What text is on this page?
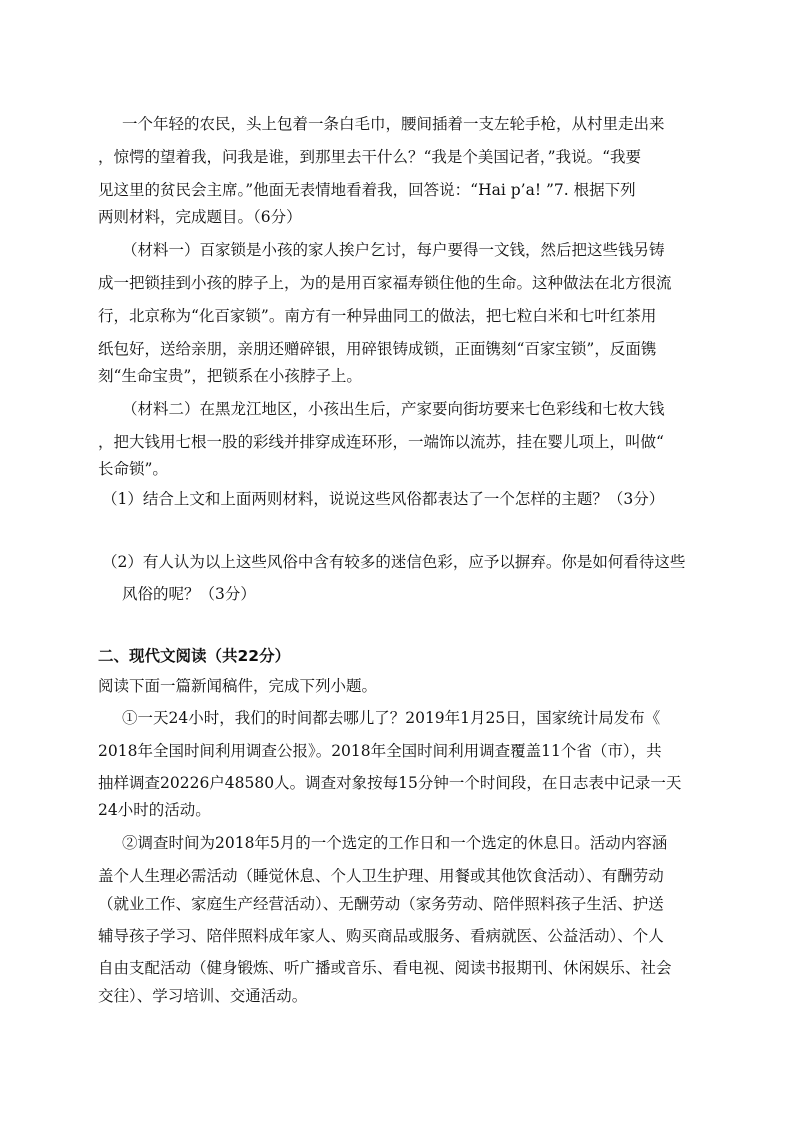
一个年轻的农民，头上包着一条白毛巾，腰间插着一支左轮手枪，从村里走出来
，惊愕的望着我，问我是谁，到那里去干什么？“我是个美国记者，”我说。“我要
见这里的贫民会主席。”他面无表情地看着我，回答说：“Hai p’a! ”7. 根据下列
两则材料，完成题目。（6分）
（材料一）百家锁是小孩的家人挨户乞讨，每户要得一文钱，然后把这些钱另铸
成一把锁挂到小孩的脖子上，为的是用百家福寿锁住他的生命。这种做法在北方很流
行，北京称为“化百家锁”。南方有一种异曲同工的做法，把七粒白米和七叶红茶用
纸包好，送给亲朋，亲朋还赠碎银，用碎银铸成锁，正面镌刻“百家宝锁”，反面镌
刻“生命宝贵”，把锁系在小孩脖子上。
（材料二）在黑龙江地区，小孩出生后，产家要向街坊要来七色彩线和七枚大钱
，把大钱用七根一股的彩线并排穿成连环形，一端饰以流苏，挂在婴儿项上，叫做“
长命锁”。
（1）结合上文和上面两则材料，说说这些风俗都表达了一个怎样的主题？（3分）
（2）有人认为以上这些风俗中含有较多的迷信色彩，应予以摒弃。你是如何看待这些
风俗的呢？（3分）
二、现代文阅读（共22分）
阅读下面一篇新闻稿件，完成下列小题。
①一天24小时，我们的时间都去哪儿了？2019年1月25日，国家统计局发布《
2018年全国时间利用调查公报》。2018年全国时间利用调查覆盖11个省（市），共
抽样调查20226户48580人。调查对象按每15分钟一个时间段，在日志表中记录一天
24小时的活动。
②调查时间为2018年5月的一个选定的工作日和一个选定的休息日。活动内容涵
盖个人生理必需活动（睡觉休息、个人卫生护理、用餐或其他饮食活动）、有酬劳动
（就业工作、家庭生产经营活动）、无酬劳动（家务劳动、陪伴照料孩子生活、护送
辅导孩子学习、陪伴照料成年家人、购买商品或服务、看病就医、公益活动）、个人
自由支配活动（健身锻炼、听广播或音乐、看电视、阅读书报期刊、休闲娱乐、社会
交往）、学习培训、交通活动。
